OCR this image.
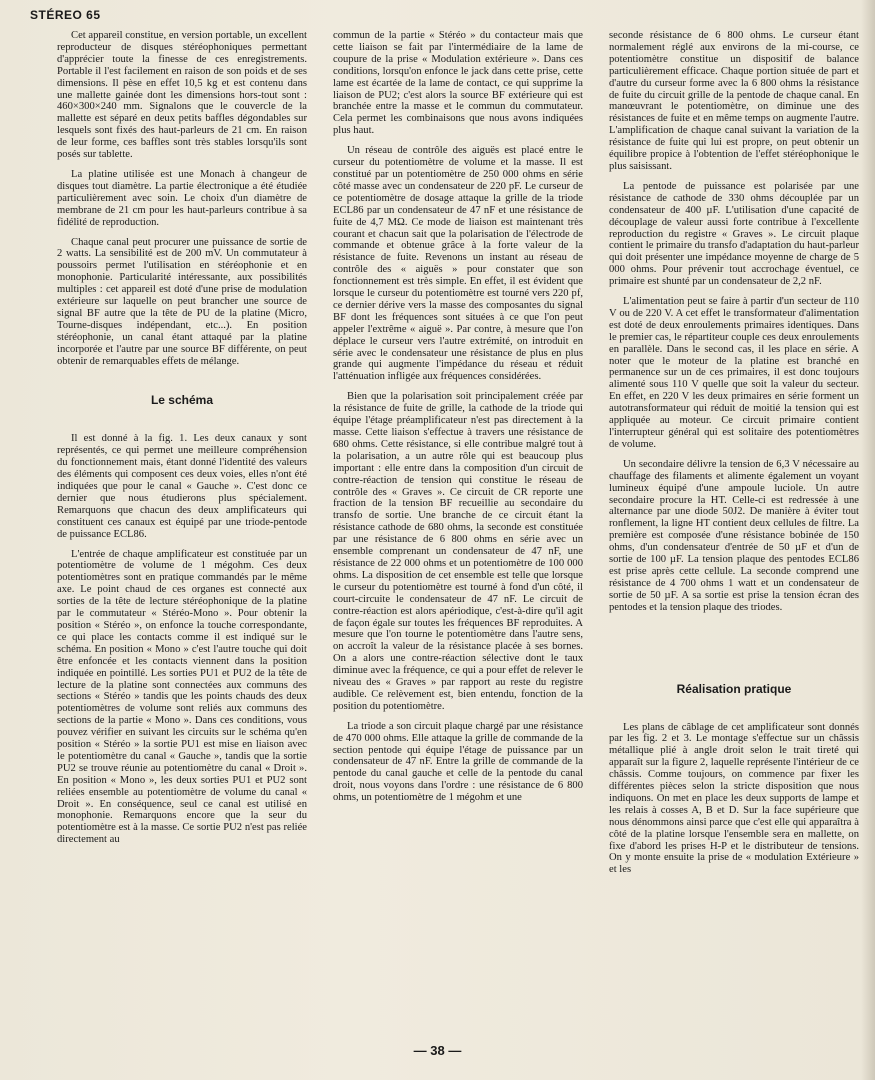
STÉREO 65

Cet appareil constitue, en version portable, un excellent reproducteur de disques stéréophoniques permettant d'apprécier toute la finesse de ces enregistrements. Portable il l'est facilement en raison de son poids et de ses dimensions. Il pèse en effet 10,5 kg et est contenu dans une mallette gainée dont les dimensions hors-tout sont : 460×300×240 mm. Signalons que le couvercle de la mallette est séparé en deux petits baffles dégondables sur lesquels sont fixés des haut-parleurs de 21 cm. En raison de leur forme, ces baffles sont très stables lorsqu'ils sont posés sur tablette.

La platine utilisée est une Monach à changeur de disques tout diamètre. La partie électronique a été étudiée particulièrement avec soin. Le choix d'un diamètre de membrane de 21 cm pour les haut-parleurs contribue à sa fidélité de reproduction.

Chaque canal peut procurer une puissance de sortie de 2 watts. La sensibilité est de 200 mV. Un commutateur à poussoirs permet l'utilisation en stéréophonie et en monophonie. Particularité intéressante, aux possibilités multiples : cet appareil est doté d'une prise de modulation extérieure sur laquelle on peut brancher une source de signal BF autre que la tête de PU de la platine (Micro, Tourne-disques indépendant, etc...). En position stéréophonie, un canal étant attaqué par la platine incorporée et l'autre par une source BF différente, on peut obtenir de remarquables effets de mélange.

Le schéma

Il est donné à la fig. 1. Les deux canaux y sont représentés, ce qui permet une meilleure compréhension du fonctionnement mais, étant donné l'identité des valeurs des éléments qui composent ces deux voies, elles n'ont été indiquées que pour le canal « Gauche ». C'est donc ce dernier que nous étudierons plus spécialement. Remarquons que chacun des deux amplificateurs qui constituent ces canaux est équipé par une triode-pentode de puissance ECL86.

L'entrée de chaque amplificateur est constituée par un potentiomètre de volume de 1 mégohm. Ces deux potentiomètres sont en pratique commandés par le même axe. Le point chaud de ces organes est connecté aux sorties de la tête de lecture stéréophonique de la platine par le commutateur « Stéréo-Mono ». Pour obtenir la position « Stéréo », on enfonce la touche correspondante, ce qui place les contacts comme il est indiqué sur le schéma. En position « Mono » c'est l'autre touche qui doit être enfoncée et les contacts viennent dans la position indiquée en pointillé. Les sorties PU1 et PU2 de la tête de lecture de la platine sont connectées aux communs des sections « Stéréo » tandis que les points chauds des deux potentiomètres de volume sont reliés aux communs des sections de la partie « Mono ». Dans ces conditions, vous pouvez vérifier en suivant les circuits sur le schéma qu'en position « Stéréo » la sortie PU1 est mise en liaison avec le potentiomètre du canal « Gauche », tandis que la sortie PU2 se trouve réunie au potentiomètre du canal « Droit ». En position « Mono », les deux sorties PU1 et PU2 sont reliées ensemble au potentiomètre de volume du canal « Droit ». En conséquence, seul ce canal est utilisé en monophonie. Remarquons encore que la seur du potentiomètre est à la masse. Ce sortie PU2 n'est pas reliée directement au

commun de la partie « Stéréo » du contacteur mais que cette liaison se fait par l'intermédiaire de la lame de coupure de la prise « Modulation extérieure ». Dans ces conditions, lorsqu'on enfonce le jack dans cette prise, cette lame est écartée de la lame de contact, ce qui supprime la liaison de PU2; c'est alors la source BF extérieure qui est branchée entre la masse et le commun du commutateur. Cela permet les combinaisons que nous avons indiquées plus haut.

Un réseau de contrôle des aiguës est placé entre le curseur du potentiomètre de volume et la masse. Il est constitué par un potentiomètre de 250 000 ohms en série côté masse avec un condensateur de 220 pF. Le curseur de ce potentiomètre de dosage attaque la grille de la triode ECL86 par un condensateur de 47 nF et une résistance de fuite de 4,7 MΩ. Ce mode de liaison est maintenant très courant et chacun sait que la polarisation de l'électrode de commande et obtenue grâce à la forte valeur de la résistance de fuite. Revenons un instant au réseau de contrôle des « aiguës » pour constater que son fonctionnement est très simple. En effet, il est évident que lorsque le curseur du potentiomètre est tourné vers 220 pf, ce dernier dérive vers la masse des composantes du signal BF dont les fréquences sont situées à ce que l'on peut appeler l'extrême « aiguë ». Par contre, à mesure que l'on déplace le curseur vers l'autre extrémité, on introduit en série avec le condensateur une résistance de plus en plus grande qui augmente l'impédance du réseau et réduit l'atténuation infligée aux fréquences considérées.

Bien que la polarisation soit principalement créée par la résistance de fuite de grille, la cathode de la triode qui équipe l'étage préamplificateur n'est pas directement à la masse. Cette liaison s'effectue à travers une résistance de 680 ohms. Cette résistance, si elle contribue malgré tout à la polarisation, a un autre rôle qui est beaucoup plus important : elle entre dans la composition d'un circuit de contre-réaction de tension qui constitue le réseau de contrôle des « Graves ». Ce circuit de CR reporte une fraction de la tension BF recueillie au secondaire du transfo de sortie. Une branche de ce circuit étant la résistance cathode de 680 ohms, la seconde est constituée par une résistance de 6 800 ohms en série avec un ensemble comprenant un condensateur de 47 nF, une résistance de 22 000 ohms et un potentiomètre de 100 000 ohms. La disposition de cet ensemble est telle que lorsque le curseur du potentiomètre est tourné à fond d'un côté, il court-circuite le condensateur de 47 nF. Le circuit de contre-réaction est alors apériodique, c'est-à-dire qu'il agit de façon égale sur toutes les fréquences BF reproduites. A mesure que l'on tourne le potentiomètre dans l'autre sens, on accroît la valeur de la résistance placée à ses bornes. On a alors une contre-réaction sélective dont le taux diminue avec la fréquence, ce qui a pour effet de relever le niveau des « Graves » par rapport au reste du registre audible. Ce relèvement est, bien entendu, fonction de la position du potentiomètre.

La triode a son circuit plaque chargé par une résistance de 470 000 ohms. Elle attaque la grille de commande de la section pentode qui équipe l'étage de puissance par un condensateur de 47 nF. Entre la grille de commande de la pentode du canal gauche et celle de la pentode du canal droit, nous voyons dans l'ordre : une résistance de 6 800 ohms, un potentiomètre de 1 mégohm et une

seconde résistance de 6 800 ohms. Le curseur étant normalement réglé aux environs de la mi-course, ce potentiomètre constitue un dispositif de balance particulièrement efficace. Chaque portion située de part et d'autre du curseur forme avec la 6 800 ohms la résistance de fuite du circuit grille de la pentode de chaque canal. En manœuvrant le potentiomètre, on diminue une des résistances de fuite et en même temps on augmente l'autre. L'amplification de chaque canal suivant la variation de la résistance de fuite qui lui est propre, on peut obtenir un équilibre propice à l'obtention de l'effet stéréophonique le plus saisissant.

La pentode de puissance est polarisée par une résistance de cathode de 330 ohms découplée par un condensateur de 400 µF. L'utilisation d'une capacité de découplage de valeur aussi forte contribue à l'excellente reproduction du registre « Graves ». Le circuit plaque contient le primaire du transfo d'adaptation du haut-parleur qui doit présenter une impédance moyenne de charge de 5 000 ohms. Pour prévenir tout accrochage éventuel, ce primaire est shunté par un condensateur de 2,2 nF.

L'alimentation peut se faire à partir d'un secteur de 110 V ou de 220 V. A cet effet le transformateur d'alimentation est doté de deux enroulements primaires identiques. Dans le premier cas, le répartiteur couple ces deux enroulements en parallèle. Dans le second cas, il les place en série. A noter que le moteur de la platine est branché en permanence sur un de ces primaires, il est donc toujours alimenté sous 110 V quelle que soit la valeur du secteur. En effet, en 220 V les deux primaires en série forment un autotransformateur qui réduit de moitié la tension qui est appliquée au moteur. Ce circuit primaire contient l'interrupteur général qui est solitaire des potentiomètres de volume.

Un secondaire délivre la tension de 6,3 V nécessaire au chauffage des filaments et alimente également un voyant lumineux équipé d'une ampoule luciole. Un autre secondaire procure la HT. Celle-ci est redressée à une alternance par une diode 50J2. De manière à éviter tout ronflement, la ligne HT contient deux cellules de filtre. La première est composée d'une résistance bobinée de 150 ohms, d'un condensateur d'entrée de 50 µF et d'un de sortie de 100 µF. La tension plaque des pentodes ECL86 est prise après cette cellule. La seconde comprend une résistance de 4 700 ohms 1 watt et un condensateur de sortie de 50 µF. A sa sortie est prise la tension écran des pentodes et la tension plaque des triodes.

Réalisation pratique

Les plans de câblage de cet amplificateur sont donnés par les fig. 2 et 3. Le montage s'effectue sur un châssis métallique plié à angle droit selon le trait tireté qui apparaît sur la figure 2, laquelle représente l'intérieur de ce châssis. Comme toujours, on commence par fixer les différentes pièces selon la stricte disposition que nous indiquons. On met en place les deux supports de lampe et les relais à cosses A, B et D. Sur la face supérieure que nous dénommons ainsi parce que c'est elle qui apparaîtra à côté de la platine lorsque l'ensemble sera en mallette, on fixe d'abord les prises H-P et le distributeur de tensions. On y monte ensuite la prise de « modulation Extérieure » et les

— 38 —
